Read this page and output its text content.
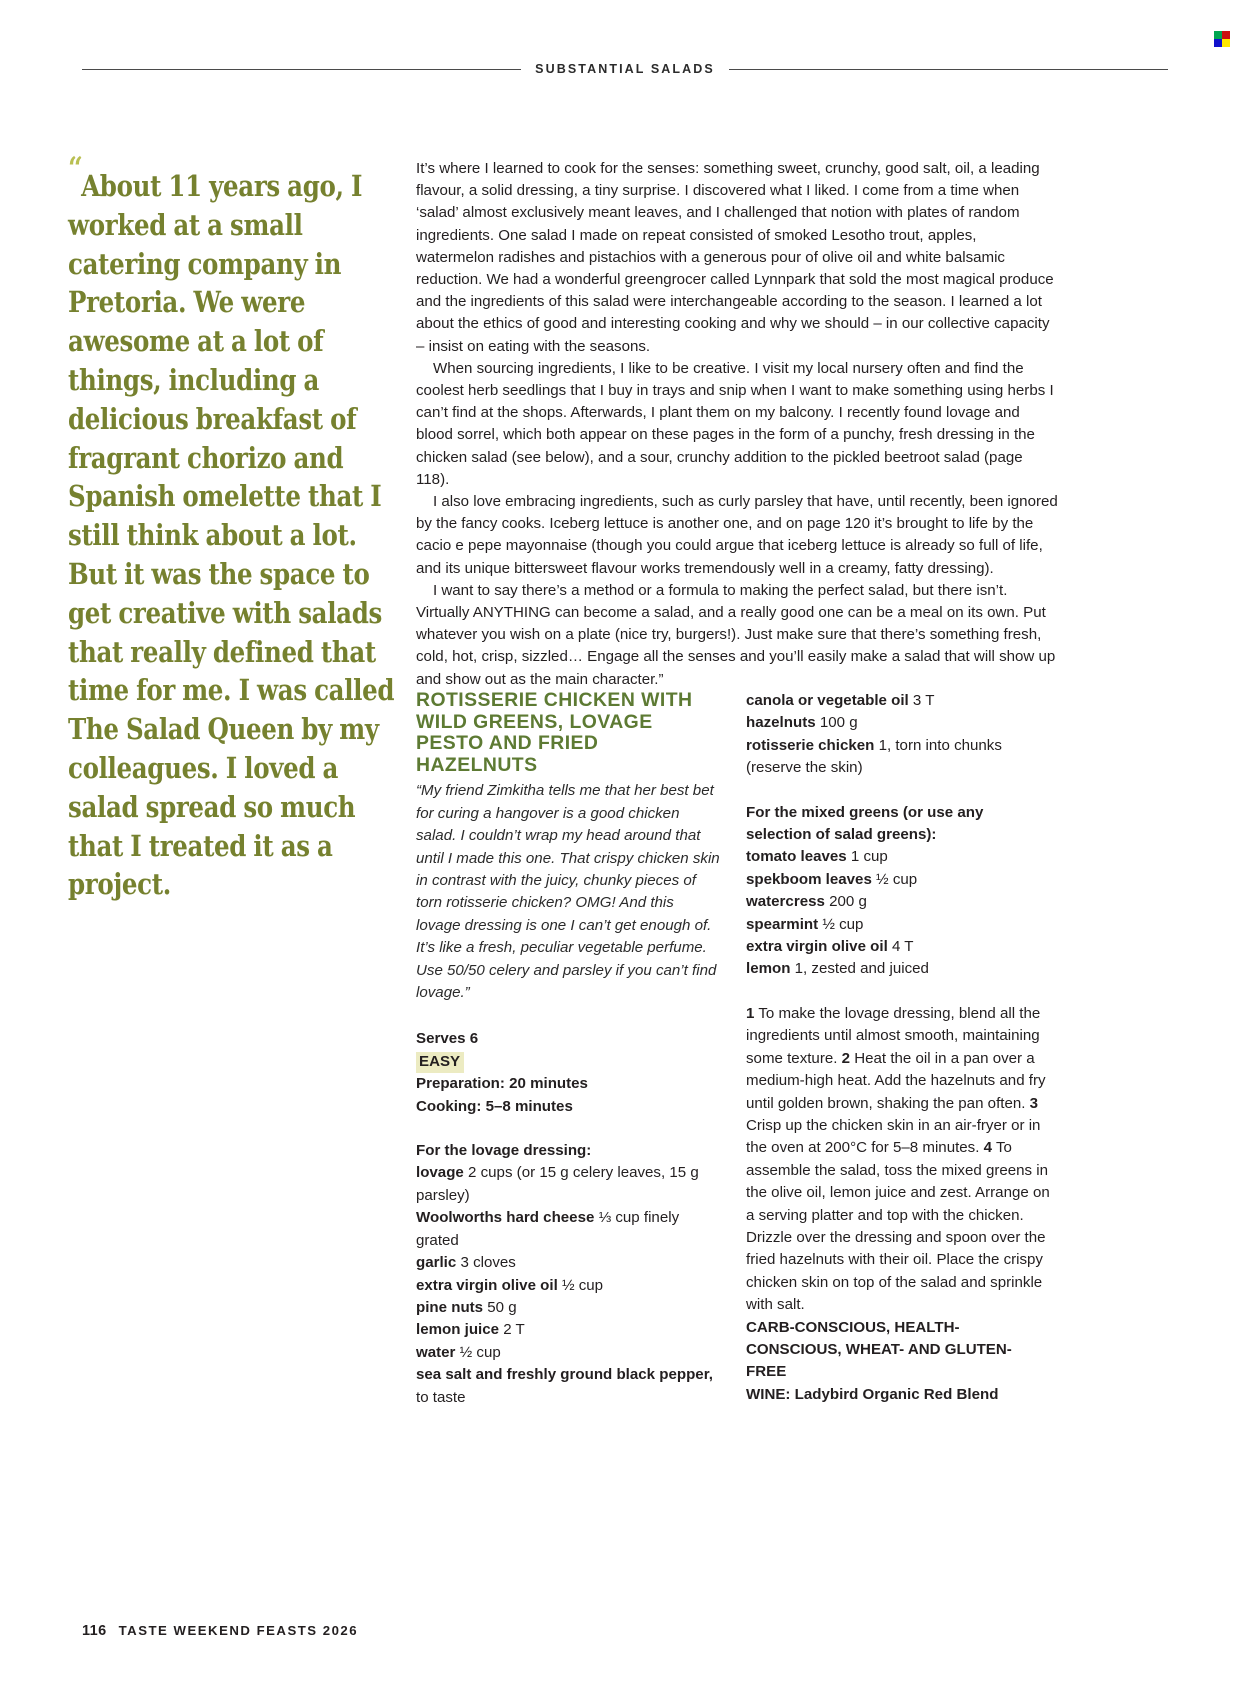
SUBSTANTIAL SALADS
“About 11 years ago, I worked at a small catering company in Pretoria. We were awesome at a lot of things, including a delicious breakfast of fragrant chorizo and Spanish omelette that I still think about a lot. But it was the space to get creative with salads that really defined that time for me. I was called The Salad Queen by my colleagues. I loved a salad spread so much that I treated it as a project.

It’s where I learned to cook for the senses: something sweet, crunchy, good salt, oil, a leading flavour, a solid dressing, a tiny surprise. I discovered what I liked. I come from a time when ‘salad’ almost exclusively meant leaves, and I challenged that notion with plates of random ingredients. One salad I made on repeat consisted of smoked Lesotho trout, apples, watermelon radishes and pistachios with a generous pour of olive oil and white balsamic reduction. We had a wonderful greengrocer called Lynnpark that sold the most magical produce and the ingredients of this salad were interchangeable according to the season. I learned a lot about the ethics of good and interesting cooking and why we should – in our collective capacity – insist on eating with the seasons.

When sourcing ingredients, I like to be creative. I visit my local nursery often and find the coolest herb seedlings that I buy in trays and snip when I want to make something using herbs I can’t find at the shops. Afterwards, I plant them on my balcony. I recently found lovage and blood sorrel, which both appear on these pages in the form of a punchy, fresh dressing in the chicken salad (see below), and a sour, crunchy addition to the pickled beetroot salad (page 118).

I also love embracing ingredients, such as curly parsley that have, until recently, been ignored by the fancy cooks. Iceberg lettuce is another one, and on page 120 it’s brought to life by the cacio e pepe mayonnaise (though you could argue that iceberg lettuce is already so full of life, and its unique bittersweet flavour works tremendously well in a creamy, fatty dressing).

I want to say there’s a method or a formula to making the perfect salad, but there isn’t. Virtually ANYTHING can become a salad, and a really good one can be a meal on its own. Put whatever you wish on a plate (nice try, burgers!). Just make sure that there’s something fresh, cold, hot, crisp, sizzled… Engage all the senses and you’ll easily make a salad that will show up and show out as the main character.”

ROTISSERIE CHICKEN WITH WILD GREENS, LOVAGE PESTO AND FRIED HAZELNUTS

“My friend Zimkitha tells me that her best bet for curing a hangover is a good chicken salad. I couldn’t wrap my head around that until I made this one. That crispy chicken skin in contrast with the juicy, chunky pieces of torn rotisserie chicken? OMG! And this lovage dressing is one I can’t get enough of. It’s like a fresh, peculiar vegetable perfume. Use 50/50 celery and parsley if you can’t find lovage.”

Serves 6

EASY

Preparation: 20 minutes

Cooking: 5–8 minutes

For the lovage dressing:

lovage 2 cups (or 15 g celery leaves, 15 g parsley)

Woolworths hard cheese ⅓ cup finely grated

garlic 3 cloves

extra virgin olive oil ½ cup

pine nuts 50 g

lemon juice 2 T

water ½ cup

sea salt and freshly ground black pepper, to taste

canola or vegetable oil 3 T

hazelnuts 100 g

rotisserie chicken 1, torn into chunks (reserve the skin)

For the mixed greens (or use any selection of salad greens):

tomato leaves 1 cup

spekboom leaves ½ cup

watercress 200 g

spearmint ½ cup

extra virgin olive oil 4 T

lemon 1, zested and juiced

1 To make the lovage dressing, blend all the ingredients until almost smooth, maintaining some texture. 2 Heat the oil in a pan over a medium-high heat. Add the hazelnuts and fry until golden brown, shaking the pan often. 3 Crisp up the chicken skin in an air-fryer or in the oven at 200°C for 5–8 minutes. 4 To assemble the salad, toss the mixed greens in the olive oil, lemon juice and zest. Arrange on a serving platter and top with the chicken. Drizzle over the dressing and spoon over the fried hazelnuts with their oil. Place the crispy chicken skin on top of the salad and sprinkle with salt.

CARB-CONSCIOUS, HEALTH-CONSCIOUS, WHEAT- AND GLUTEN-FREE

WINE: Ladybird Organic Red Blend

116 TASTE WEEKEND FEASTS 2026
